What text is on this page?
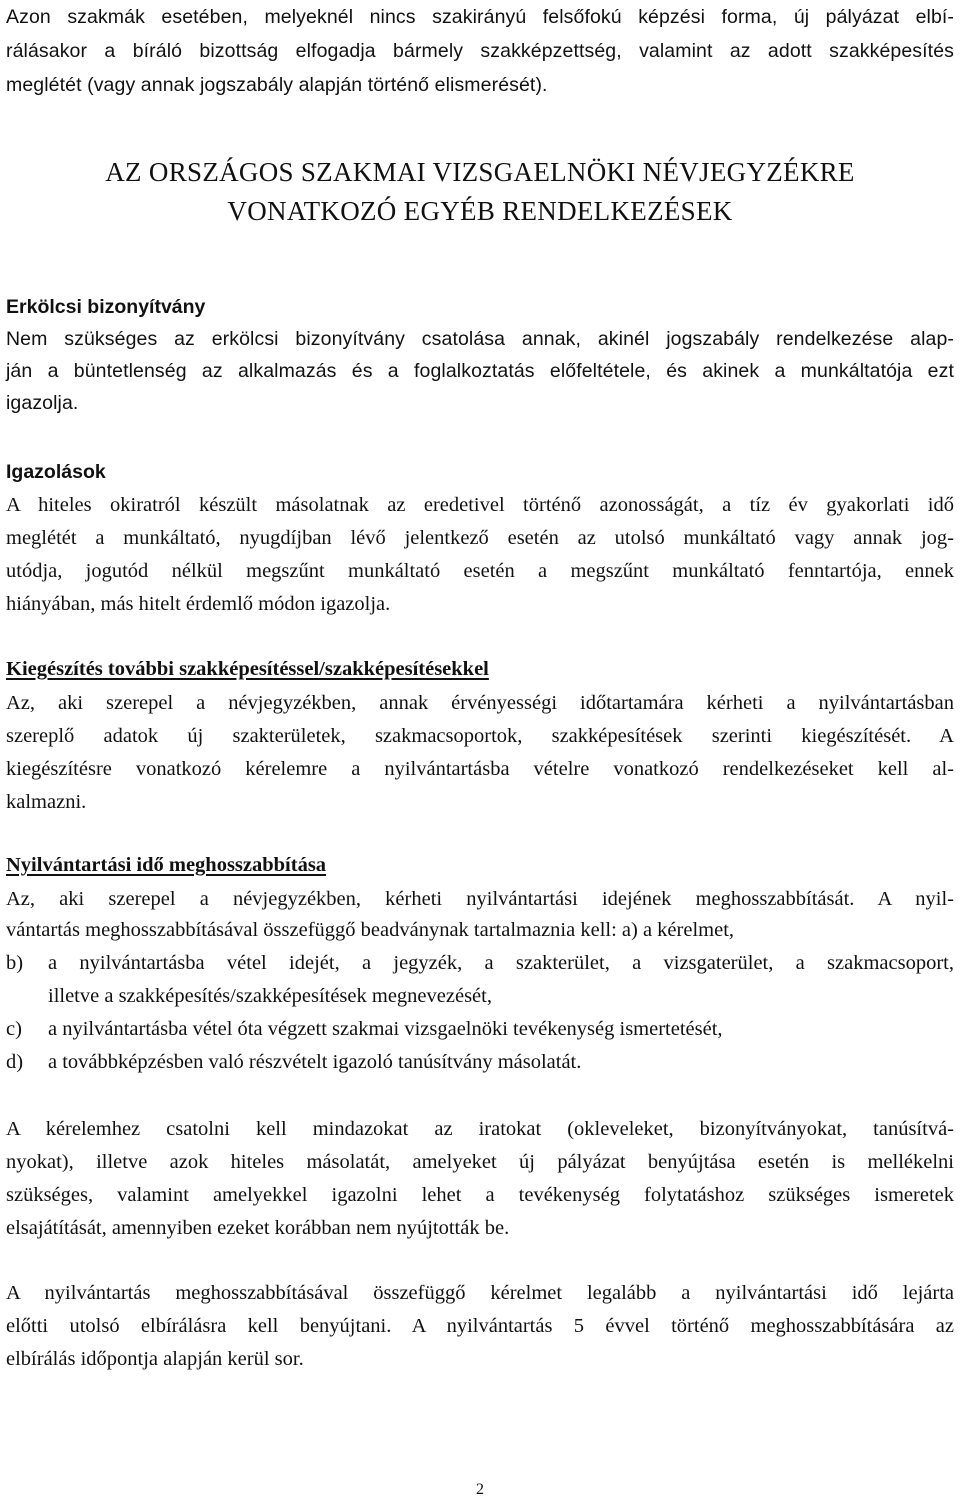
Azon szakmák esetében, melyeknél nincs szakirányú felsőfokú képzési forma, új pályázat elbí-
rálásakor a bíráló bizottság elfogadja bármely szakképzettség, valamint az adott szakképesítés
meglétét (vagy annak jogszabály alapján történő elismerését).
AZ ORSZÁGOS SZAKMAI VIZSGAELNÖKI NÉVJEGYZÉKRE
VONATKOZÓ EGYÉB RENDELKEZÉSEK
Erkölcsi bizonyítvány
Nem szükséges az erkölcsi bizonyítvány csatolása annak, akinél jogszabály rendelkezése alap-
ján a büntetlenség az alkalmazás és a foglalkoztatás előfeltétele, és akinek a munkáltatója ezt
igazolja.
Igazolások
A hiteles okiratról készült másolatnak az eredetivel történő azonosságát, a tíz év gyakorlati idő
meglétét a munkáltató, nyugdíjban lévő jelentkező esetén az utolsó munkáltató vagy annak jog-
utódja, jogutód nélkül megszűnt munkáltató esetén a megszűnt munkáltató fenntartója, ennek
hiányában, más hitelt érdemlő módon igazolja.
Kiegészítés további szakképesítéssel/szakképesítésekkel
Az, aki szerepel a névjegyzékben, annak érvényességi időtartamára kérheti a nyilvántartásban
szereplő adatok új szakterületek, szakmacsoportok, szakképesítések szerinti kiegészítését. A
kiegészítésre vonatkozó kérelemre a nyilvántartásba vételre vonatkozó rendelkezéseket kell al-
kalmazni.
Nyilvántartási idő meghosszabbítása
Az, aki szerepel a névjegyzékben, kérheti nyilvántartási idejének meghosszabbítását. A nyil-
vántartás meghosszabbításával összefüggő beadványnak tartalmaznia kell: a) a kérelmet,
b) a nyilvántartásba vétel idejét, a jegyzék, a szakterület, a vizsgaterület, a szakmacsoport,
illetve a szakképesítés/szakképesítések megnevezését,
c) a nyilvántartásba vétel óta végzett szakmai vizsgaelnöki tevékenység ismertetését,
d) a továbbképzésben való részvételt igazoló tanúsítvány másolatát.
A kérelemhez csatolni kell mindazokat az iratokat (okleveleket, bizonyítványokat, tanúsítvá-
nyokat), illetve azok hiteles másolatát, amelyeket új pályázat benyújtása esetén is mellékelni
szükséges, valamint amelyekkel igazolni lehet a tevékenység folytatáshoz szükséges ismeretek
elsajátítását, amennyiben ezeket korábban nem nyújtották be.
A nyilvántartás meghosszabbításával összefüggő kérelmet legalább a nyilvántartási idő lejárta
előtti utolsó elbírálásra kell benyújtani. A nyilvántartás 5 évvel történő meghosszabbítására az
elbírálás időpontja alapján kerül sor.
2
